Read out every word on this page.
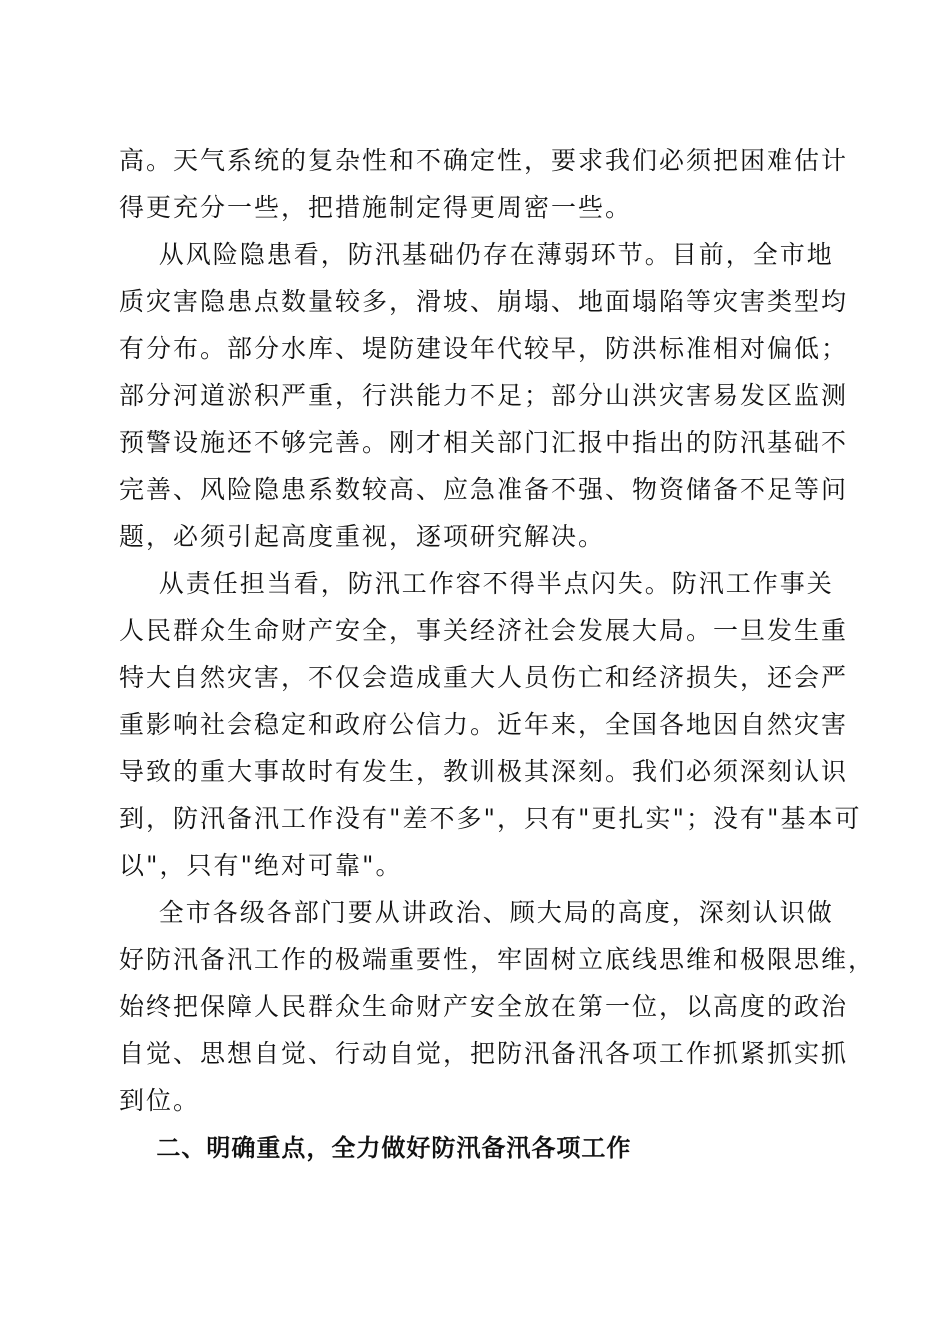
高。天气系统的复杂性和不确定性，要求我们必须把困难估计
得更充分一些，把措施制定得更周密一些。
从风险隐患看，防汛基础仍存在薄弱环节。目前，全市地
质灾害隐患点数量较多，滑坡、崩塌、地面塌陷等灾害类型均
有分布。部分水库、堤防建设年代较早，防洪标准相对偏低；
部分河道淤积严重，行洪能力不足；部分山洪灾害易发区监测
预警设施还不够完善。刚才相关部门汇报中指出的防汛基础不
完善、风险隐患系数较高、应急准备不强、物资储备不足等问
题，必须引起高度重视，逐项研究解决。
从责任担当看，防汛工作容不得半点闪失。防汛工作事关
人民群众生命财产安全，事关经济社会发展大局。一旦发生重
特大自然灾害，不仅会造成重大人员伤亡和经济损失，还会严
重影响社会稳定和政府公信力。近年来，全国各地因自然灾害
导致的重大事故时有发生，教训极其深刻。我们必须深刻认识
到，防汛备汛工作没有"差不多"，只有"更扎实"；没有"基本可
以"，只有"绝对可靠"。
全市各级各部门要从讲政治、顾大局的高度，深刻认识做
好防汛备汛工作的极端重要性，牢固树立底线思维和极限思维，
始终把保障人民群众生命财产安全放在第一位，以高度的政治
自觉、思想自觉、行动自觉，把防汛备汛各项工作抓紧抓实抓
到位。
二、明确重点，全力做好防汛备汛各项工作
